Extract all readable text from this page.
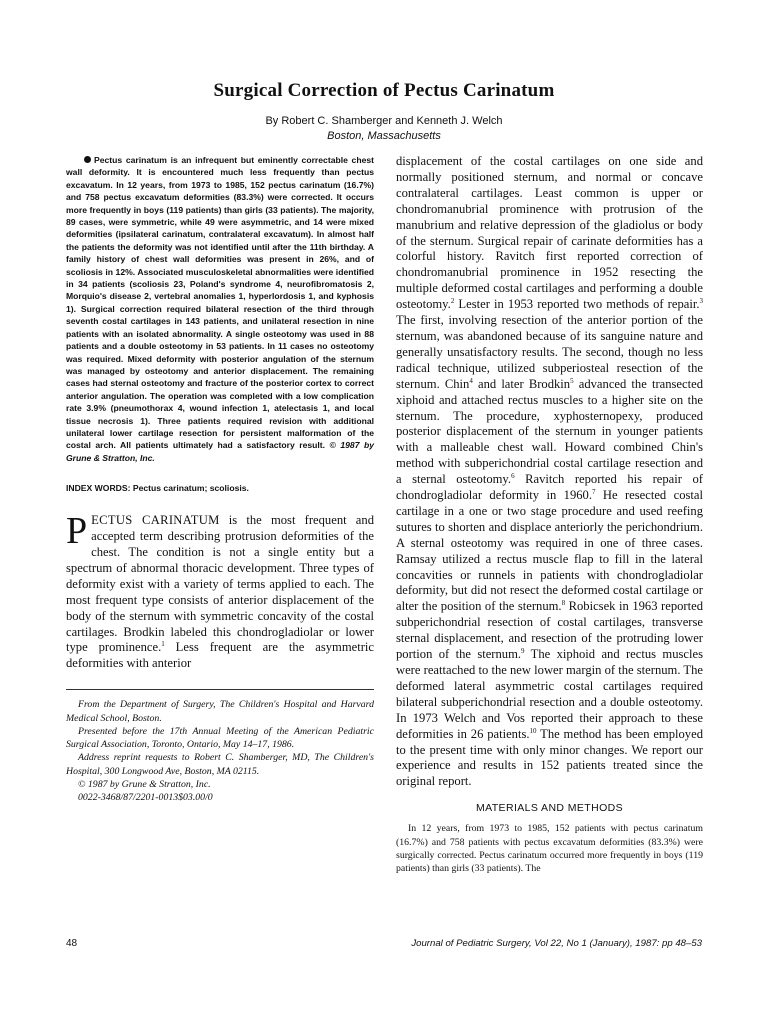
Surgical Correction of Pectus Carinatum
By Robert C. Shamberger and Kenneth J. Welch
Boston, Massachusetts

Pectus carinatum is an infrequent but eminently correctable chest wall deformity. It is encountered much less frequently than pectus excavatum. In 12 years, from 1973 to 1985, 152 pectus carinatum (16.7%) and 758 pectus excavatum deformities (83.3%) were corrected. It occurs more frequently in boys (119 patients) than girls (33 patients). The majority, 89 cases, were symmetric, while 49 were asymmetric, and 14 were mixed deformities (ipsilateral carinatum, contralateral excavatum). In almost half the patients the deformity was not identified until after the 11th birthday. A family history of chest wall deformities was present in 26%, and of scoliosis in 12%. Associated musculoskeletal abnormalities were identified in 34 patients (scoliosis 23, Poland's syndrome 4, neurofibromatosis 2, Morquio's disease 2, vertebral anomalies 1, hyperlordosis 1, and kyphosis 1). Surgical correction required bilateral resection of the third through seventh costal cartilages in 143 patients, and unilateral resection in nine patients with an isolated abnormality. A single osteotomy was used in 88 patients and a double osteotomy in 53 patients. In 11 cases no osteotomy was required. Mixed deformity with posterior angulation of the sternum was managed by osteotomy and anterior displacement. The remaining cases had sternal osteotomy and fracture of the posterior cortex to correct anterior angulation. The operation was completed with a low complication rate 3.9% (pneumothorax 4, wound infection 1, atelectasis 1, and local tissue necrosis 1). Three patients required revision with additional unilateral lower cartilage resection for persistent malformation of the costal arch. All patients ultimately had a satisfactory result. © 1987 by Grune & Stratton, Inc.

INDEX WORDS: Pectus carinatum; scoliosis.

PECTUS CARINATUM is the most frequent and accepted term describing protrusion deformities of the chest. The condition is not a single entity but a spectrum of abnormal thoracic development. Three types of deformity exist with a variety of terms applied to each. The most frequent type consists of anterior displacement of the body of the sternum with symmetric concavity of the costal cartilages. Brodkin labeled this chondrogladiolar or lower type prominence.$^1$ Less frequent are the asymmetric deformities with anterior

From the Department of Surgery, The Children's Hospital and Harvard Medical School, Boston.

Presented before the 17th Annual Meeting of the American Pediatric Surgical Association, Toronto, Ontario, May 14–17, 1986.

Address reprint requests to Robert C. Shamberger, MD, The Children's Hospital, 300 Longwood Ave, Boston, MA 02115.

© 1987 by Grune & Stratton, Inc.

0022-3468/87/2201-0013$03.00/0

displacement of the costal cartilages on one side and normally positioned sternum, and normal or concave contralateral cartilages. Least common is upper or chondromanubrial prominence with protrusion of the manubrium and relative depression of the gladiolus or body of the sternum. Surgical repair of carinate deformities has a colorful history. Ravitch first reported correction of chondromanubrial prominence in 1952 resecting the multiple deformed costal cartilages and performing a double osteotomy.$^2$ Lester in 1953 reported two methods of repair.$^3$ The first, involving resection of the anterior portion of the sternum, was abandoned because of its sanguine nature and generally unsatisfactory results. The second, though no less radical technique, utilized subperiosteal resection of the sternum. Chin$^4$ and later Brodkin$^5$ advanced the transected xiphoid and attached rectus muscles to a higher site on the sternum. The procedure, xyphosternopexy, produced posterior displacement of the sternum in younger patients with a malleable chest wall. Howard combined Chin's method with subperichondrial costal cartilage resection and a sternal osteotomy.$^6$ Ravitch reported his repair of chondrogladiolar deformity in 1960.$^7$ He resected costal cartilage in a one or two stage procedure and used reefing sutures to shorten and displace anteriorly the perichondrium. A sternal osteotomy was required in one of three cases. Ramsay utilized a rectus muscle flap to fill in the lateral concavities or runnels in patients with chondrogladiolar deformity, but did not resect the deformed costal cartilage or alter the position of the sternum.$^8$ Robicsek in 1963 reported subperichondrial resection of costal cartilages, transverse sternal displacement, and resection of the protruding lower portion of the sternum.$^9$ The xiphoid and rectus muscles were reattached to the new lower margin of the sternum. The deformed lateral asymmetric costal cartilages required bilateral subperichondrial resection and a double osteotomy. In 1973 Welch and Vos reported their approach to these deformities in 26 patients.$^{10}$ The method has been employed to the present time with only minor changes. We report our experience and results in 152 patients treated since the original report.

MATERIALS AND METHODS

In 12 years, from 1973 to 1985, 152 patients with pectus carinatum (16.7%) and 758 patients with pectus excavatum deformities (83.3%) were surgically corrected. Pectus carinatum occurred more frequently in boys (119 patients) than girls (33 patients). The

48	Journal of Pediatric Surgery, Vol 22, No 1 (January), 1987: pp 48–53
